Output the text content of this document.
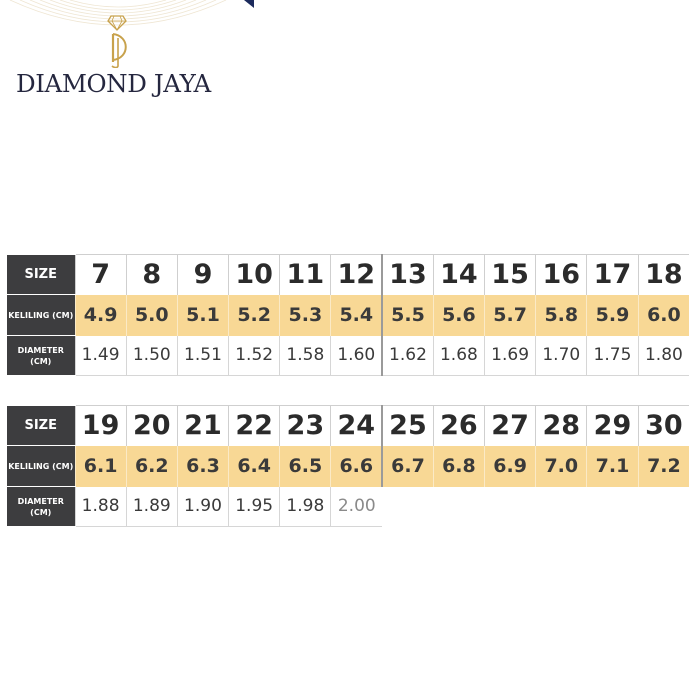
DIAMOND JAYA
SIZE	7	8	9	10	11	12	13	14	15	16	17	18
KELILING (CM)	4.9	5.0	5.1	5.2	5.3	5.4	5.5	5.6	5.7	5.8	5.9	6.0
DIAMETER (CM)	1.49	1.50	1.51	1.52	1.58	1.60	1.62	1.68	1.69	1.70	1.75	1.80
SIZE	19	20	21	22	23	24	25	26	27	28	29	30
KELILING (CM)	6.1	6.2	6.3	6.4	6.5	6.6	6.7	6.8	6.9	7.0	7.1	7.2
DIAMETER (CM)	1.88	1.89	1.90	1.95	1.98	2.00						
